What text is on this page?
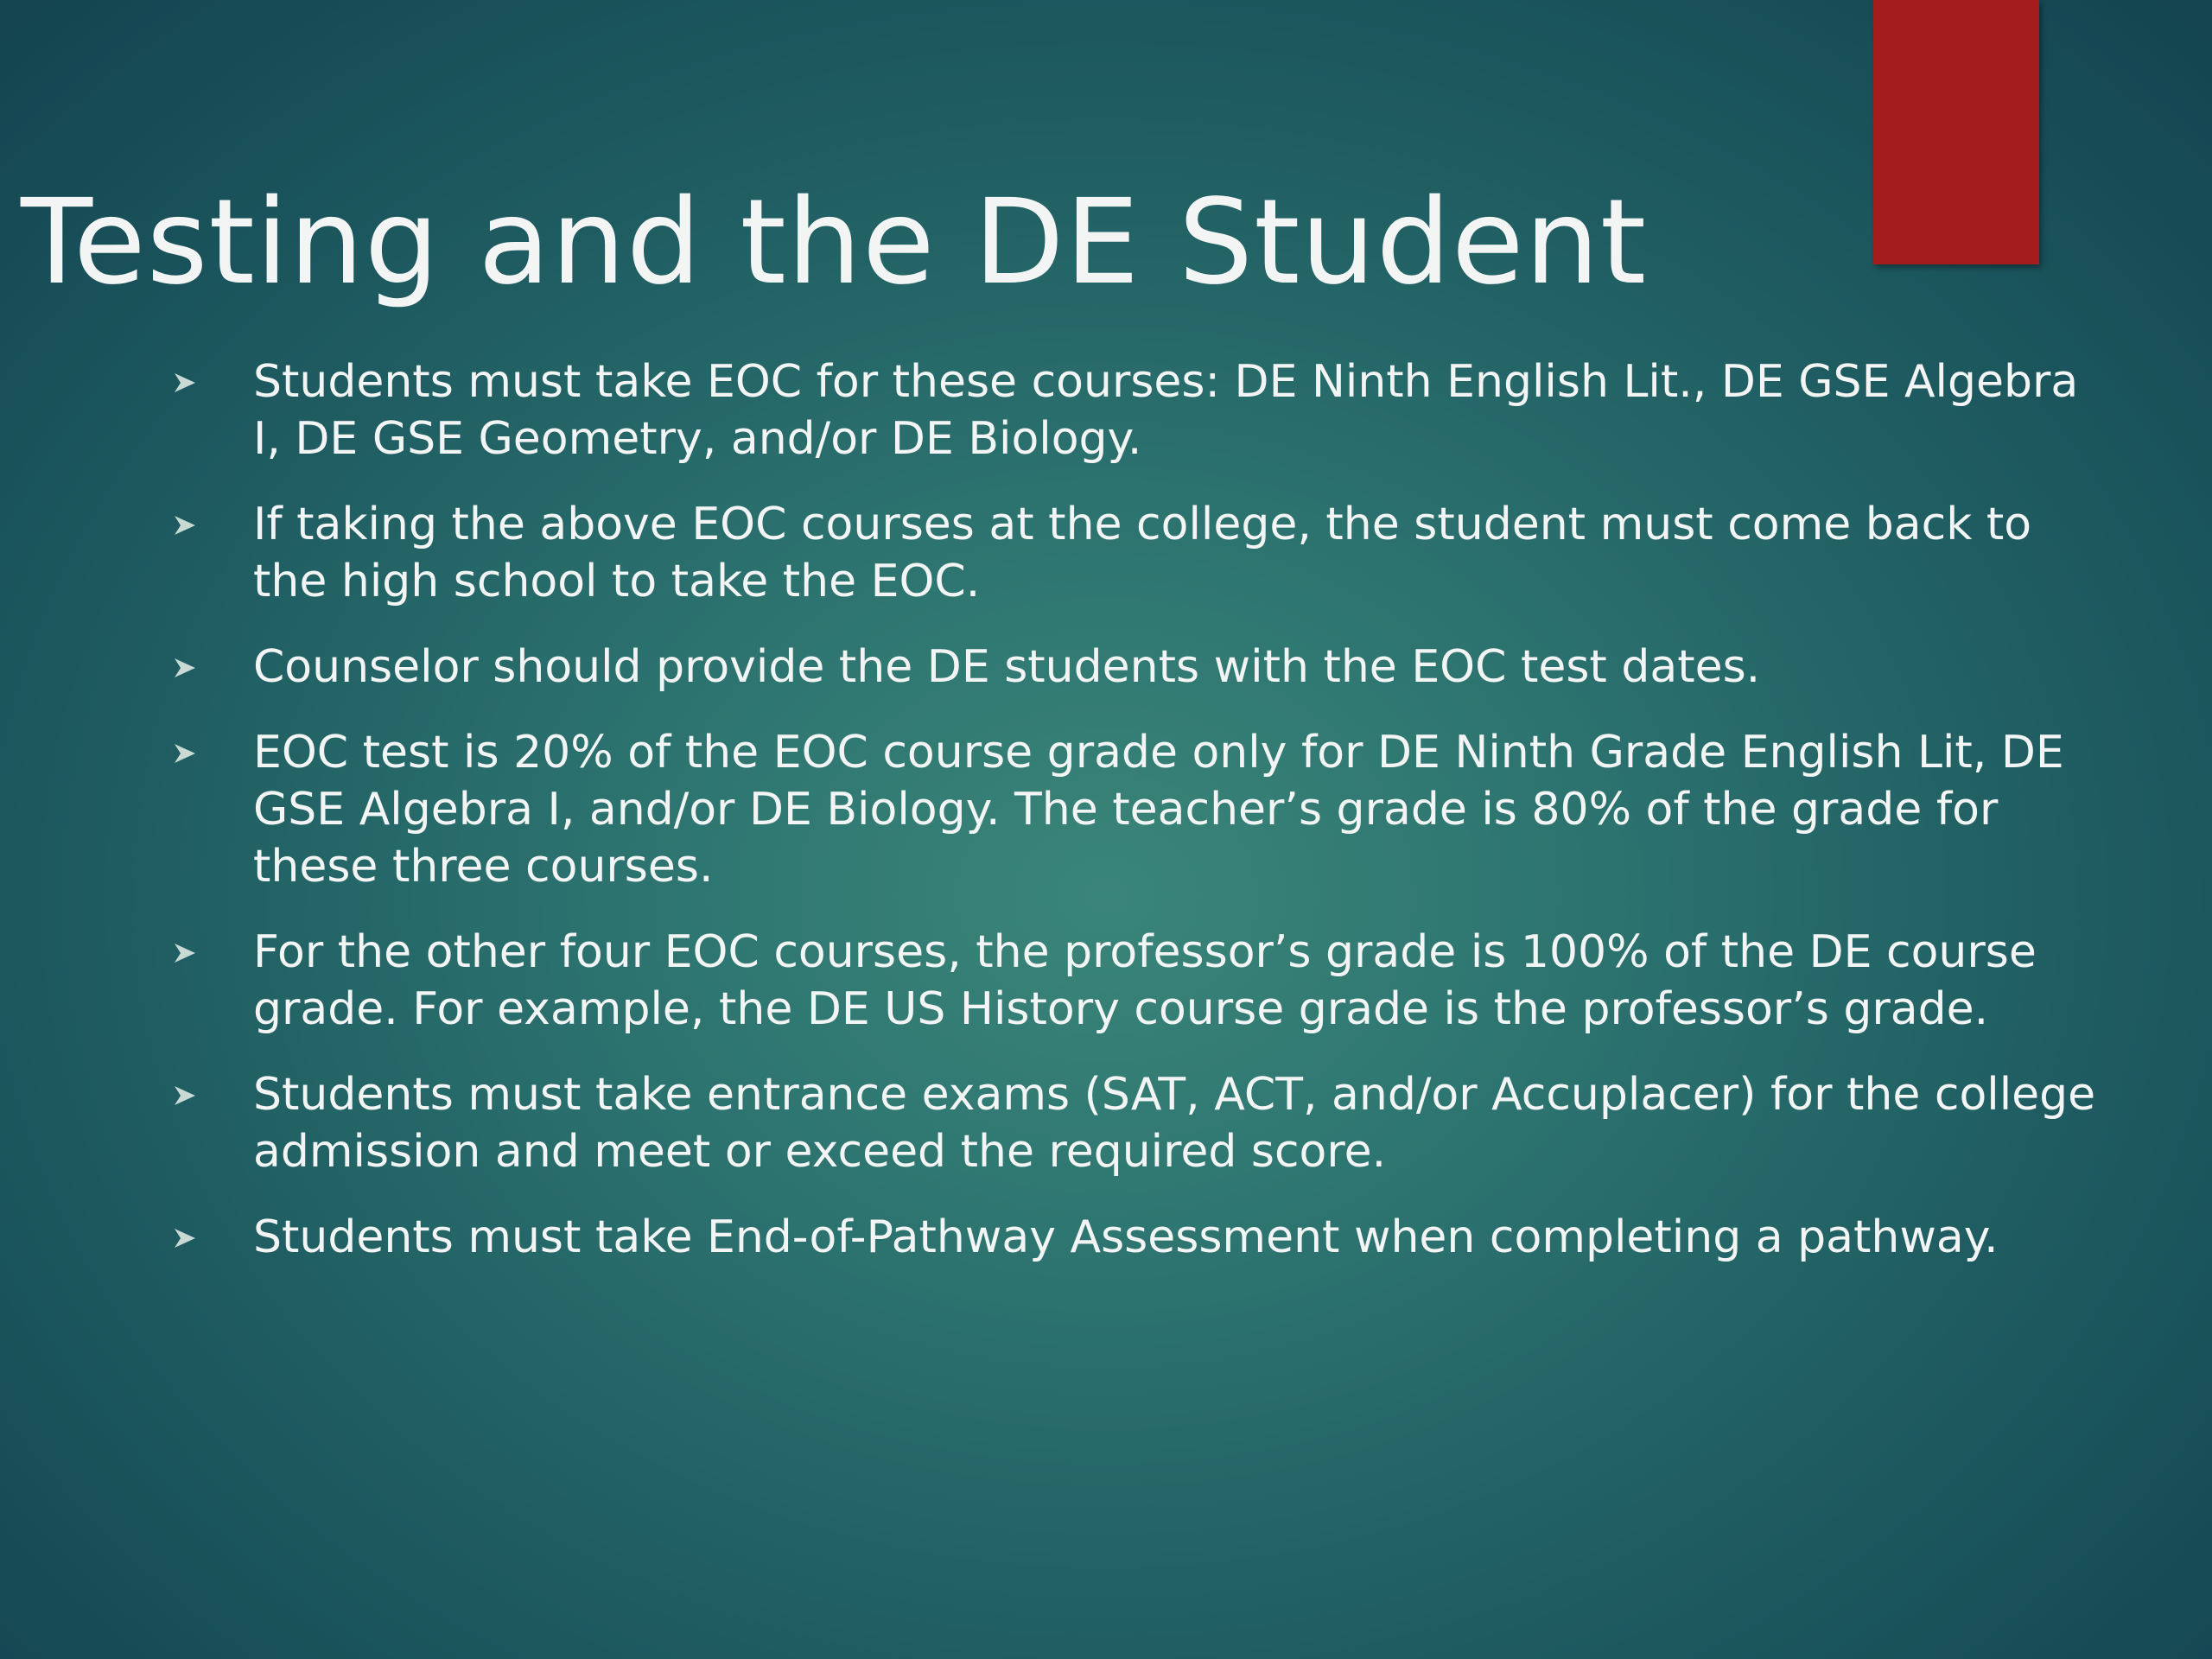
Testing and the DE Student
Students must take EOC for these courses: DE Ninth English Lit., DE GSE Algebra I, DE GSE Geometry, and/or DE Biology.
If taking the above EOC courses at the college, the student must come back to the high school to take the EOC.
Counselor should provide the DE students with the EOC test dates.
EOC test is 20% of the EOC course grade only for DE Ninth Grade English Lit, DE GSE Algebra I, and/or DE Biology. The teacher’s grade is 80% of the grade for these three courses.
For the other four EOC courses, the professor’s grade is 100% of the DE course grade. For example, the DE US History course grade is the professor’s grade.
Students must take entrance exams (SAT, ACT, and/or Accuplacer) for the college admission and meet or exceed the required score.
Students must take End-of-Pathway Assessment when completing a pathway.
